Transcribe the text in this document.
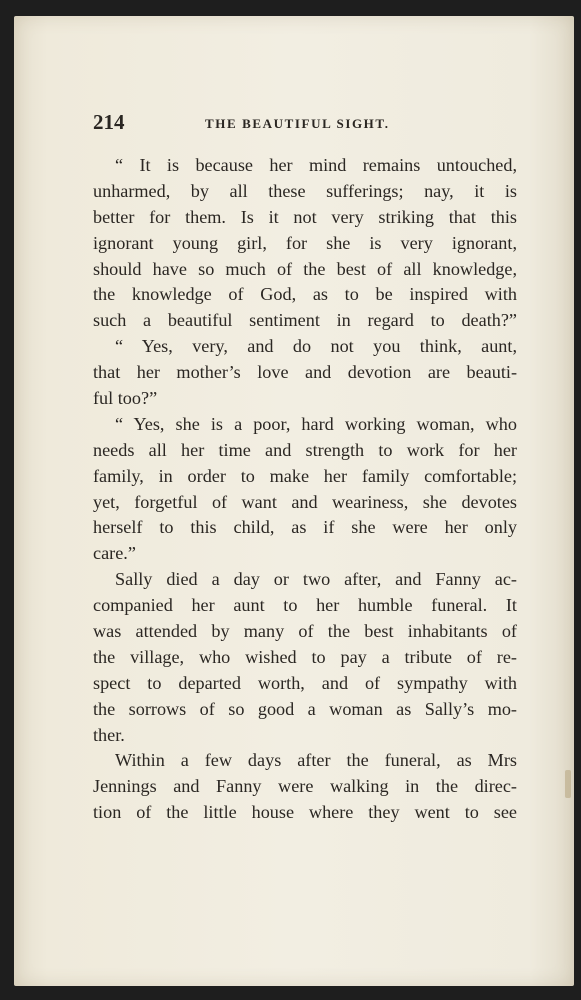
214	THE BEAUTIFUL SIGHT.
“ It is because her mind remains untouched,
unharmed, by all these sufferings; nay, it is
better for them. Is it not very striking that this
ignorant young girl, for she is very ignorant,
should have so much of the best of all knowledge,
the knowledge of God, as to be inspired with
such a beautiful sentiment in regard to death?”
“ Yes, very, and do not you think, aunt,
that her mother’s love and devotion are beauti-
ful too?”
“ Yes, she is a poor, hard working woman, who
needs all her time and strength to work for her
family, in order to make her family comfortable;
yet, forgetful of want and weariness, she devotes
herself to this child, as if she were her only
care.”
Sally died a day or two after, and Fanny ac-
companied her aunt to her humble funeral. It
was attended by many of the best inhabitants of
the village, who wished to pay a tribute of re-
spect to departed worth, and of sympathy with
the sorrows of so good a woman as Sally’s mo-
ther.
Within a few days after the funeral, as Mrs
Jennings and Fanny were walking in the direc-
tion of the little house where they went to see
